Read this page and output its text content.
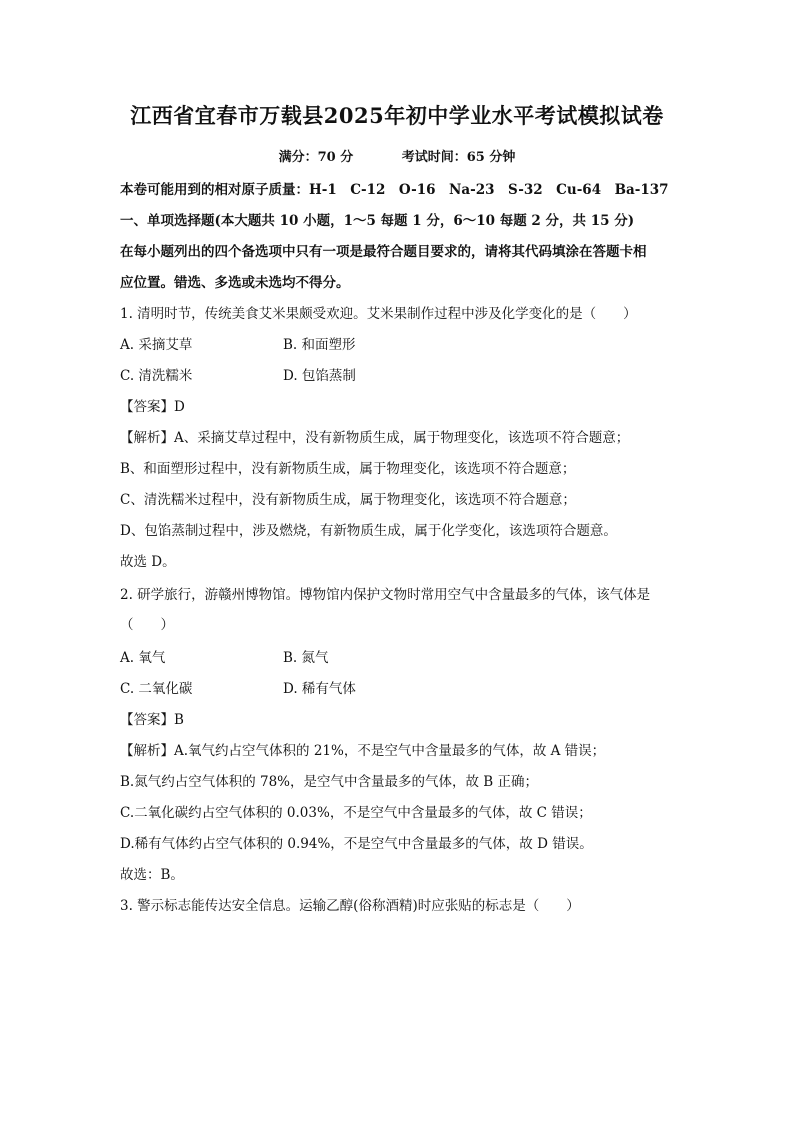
江西省宜春市万载县2025年初中学业水平考试模拟试卷
满分：70 分	考试时间：65 分钟
本卷可能用到的相对原子质量：H-1　C-12　O-16　Na-23　S-32　Cu-64　Ba-137
一、单项选择题(本大题共 10 小题，1～5 每题 1 分，6～10 每题 2 分，共 15 分)
在每小题列出的四个备选项中只有一项是最符合题目要求的，请将其代码填涂在答题卡相
应位置。错选、多选或未选均不得分。
1. 清明时节，传统美食艾米果颇受欢迎。艾米果制作过程中涉及化学变化的是（　　）
A. 采摘艾草	B. 和面塑形
C. 清洗糯米	D. 包馅蒸制
【答案】D
【解析】A、采摘艾草过程中，没有新物质生成，属于物理变化，该选项不符合题意；
B、和面塑形过程中，没有新物质生成，属于物理变化，该选项不符合题意；
C、清洗糯米过程中，没有新物质生成，属于物理变化，该选项不符合题意；
D、包馅蒸制过程中，涉及燃烧，有新物质生成，属于化学变化，该选项符合题意。
故选 D。
2. 研学旅行，游赣州博物馆。博物馆内保护文物时常用空气中含量最多的气体，该气体是
（　　）
A. 氧气	B. 氮气
C. 二氧化碳	D. 稀有气体
【答案】B
【解析】A.氧气约占空气体积的 21%，不是空气中含量最多的气体，故 A 错误；
B.氮气约占空气体积的 78%，是空气中含量最多的气体，故 B 正确；
C.二氧化碳约占空气体积的 0.03%，不是空气中含量最多的气体，故 C 错误；
D.稀有气体约占空气体积的 0.94%，不是空气中含量最多的气体，故 D 错误。
故选：B。
3. 警示标志能传达安全信息。运输乙醇(俗称酒精)时应张贴的标志是（　　）
